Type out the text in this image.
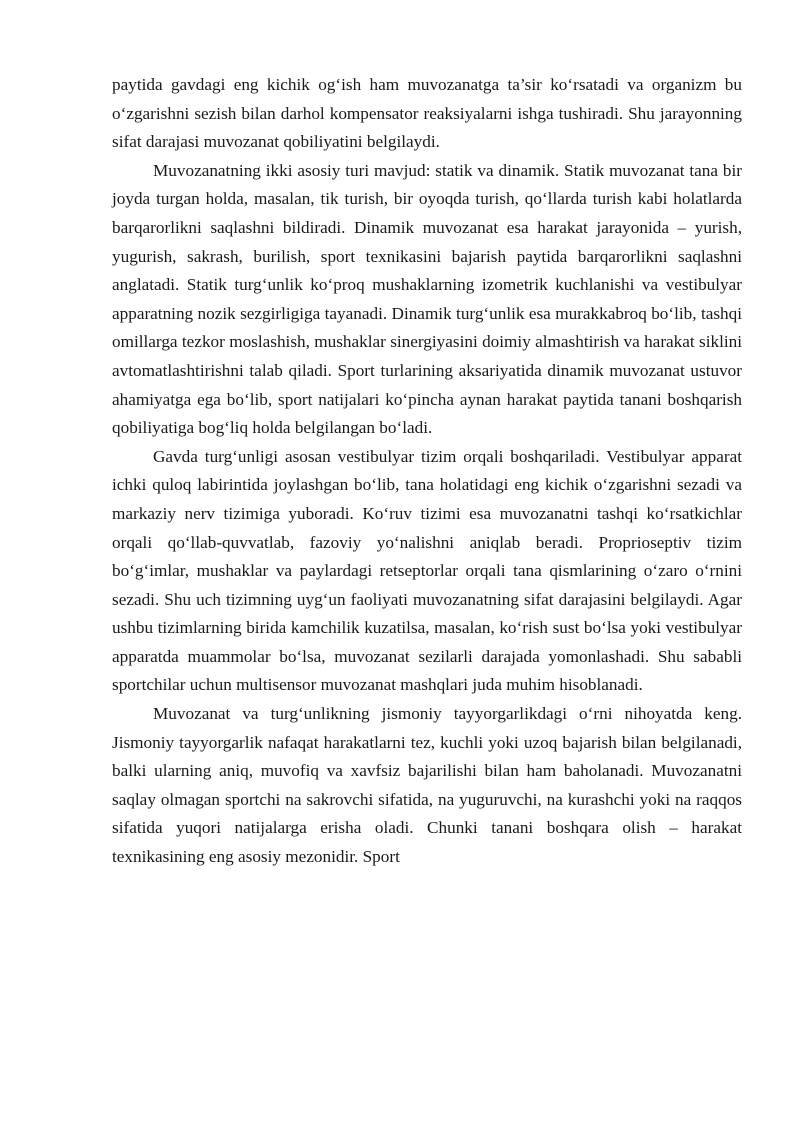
paytida gavdagi eng kichik og‘ish ham muvozanatga ta’sir ko‘rsatadi va organizm bu o‘zgarishni sezish bilan darhol kompensator reaksiyalarni ishga tushiradi. Shu jarayonning sifat darajasi muvozanat qobiliyatini belgilaydi.

Muvozanatning ikki asosiy turi mavjud: statik va dinamik. Statik muvozanat tana bir joyda turgan holda, masalan, tik turish, bir oyoqda turish, qo‘llarda turish kabi holatlarda barqarorlikni saqlashni bildiradi. Dinamik muvozanat esa harakat jarayonida – yurish, yugurish, sakrash, burilish, sport texnikasini bajarish paytida barqarorlikni saqlashni anglatadi. Statik turg‘unlik ko‘proq mushaklarning izometrik kuchlanishi va vestibulyar apparatning nozik sezgirligiga tayanadi. Dinamik turg‘unlik esa murakkabroq bo‘lib, tashqi omillarga tezkor moslashish, mushaklar sinergiyasini doimiy almashtirish va harakat siklini avtomatlashtirishni talab qiladi. Sport turlarining aksariyatida dinamik muvozanat ustuvor ahamiyatga ega bo‘lib, sport natijalari ko‘pincha aynan harakat paytida tanani boshqarish qobiliyatiga bog‘liq holda belgilangan bo‘ladi.

Gavda turg‘unligi asosan vestibulyar tizim orqali boshqariladi. Vestibulyar apparat ichki quloq labirintida joylashgan bo‘lib, tana holatidagi eng kichik o‘zgarishni sezadi va markaziy nerv tizimiga yuboradi. Ko‘ruv tizimi esa muvozanatni tashqi ko‘rsatkichlar orqali qo‘llab-quvvatlab, fazoviy yo‘nalishni aniqlab beradi. Proprioseptiv tizim bo‘g‘imlar, mushaklar va paylardagi retseptorlar orqali tana qismlarining o‘zaro o‘rnini sezadi. Shu uch tizimning uyg‘un faoliyati muvozanatning sifat darajasini belgilaydi. Agar ushbu tizimlarning birida kamchilik kuzatilsa, masalan, ko‘rish sust bo‘lsa yoki vestibulyar apparatda muammolar bo‘lsa, muvozanat sezilarli darajada yomonlashadi. Shu sababli sportchilar uchun multisensor muvozanat mashqlari juda muhim hisoblanadi.

Muvozanat va turg‘unlikning jismoniy tayyorgarlikdagi o‘rni nihoyatda keng. Jismoniy tayyorgarlik nafaqat harakatlarni tez, kuchli yoki uzoq bajarish bilan belgilanadi, balki ularning aniq, muvofiq va xavfsiz bajarilishi bilan ham baholanadi. Muvozanatni saqlay olmagan sportchi na sakrovchi sifatida, na yuguruvchi, na kurashchi yoki na raqqos sifatida yuqori natijalarga erisha oladi. Chunki tanani boshqara olish – harakat texnikasining eng asosiy mezonidir. Sport
